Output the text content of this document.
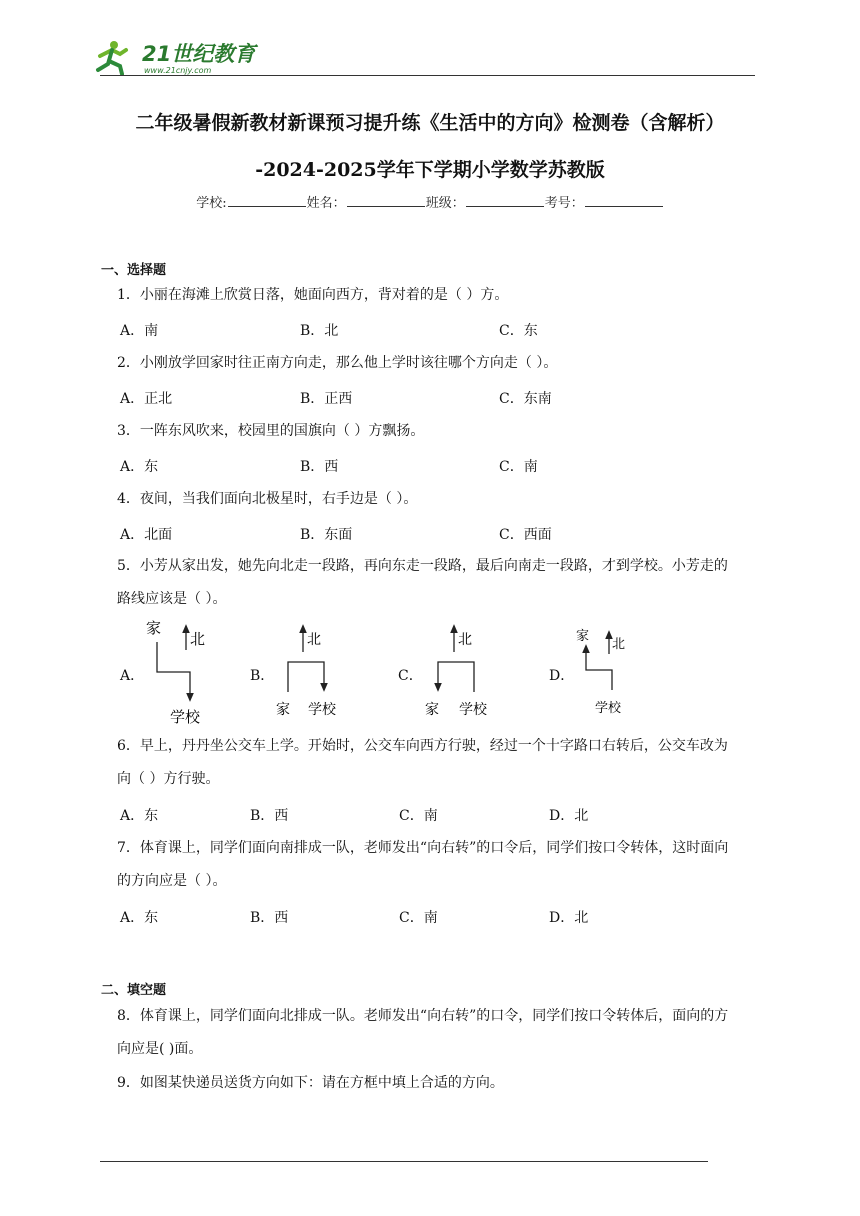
21世纪教育
www.21cnjy.com
二年级暑假新教材新课预习提升练《生活中的方向》检测卷（含解析）
-2024-2025学年下学期小学数学苏教版
学校:	姓名：	班级：	考号：
一、选择题
1．小丽在海滩上欣赏日落，她面向西方，背对着的是（ ）方。
A．南	B．北	C．东
2．小刚放学回家时往正南方向走，那么他上学时该往哪个方向走（ ）。
A．正北	B．正西	C．东南
3．一阵东风吹来，校园里的国旗向（ ）方飘扬。
A．东	B．西	C．南
4．夜间，当我们面向北极星时，右手边是（ ）。
A．北面	B．东面	C．西面
5．小芳从家出发，她先向北走一段路，再向东走一段路，最后向南走一段路，才到学校。小芳走的
路线应该是（ ）。
A．
家
北
学校
B．
北
家 学校
C．
北
家 学校
D．
家
北
学校
6．早上，丹丹坐公交车上学。开始时，公交车向西方行驶，经过一个十字路口右转后，公交车改为
向（ ）方行驶。
A．东	B．西	C．南	D．北
7．体育课上，同学们面向南排成一队，老师发出“向右转”的口令后，同学们按口令转体，这时面向
的方向应是（ ）。
A．东	B．西	C．南	D．北
二、填空题
8．体育课上，同学们面向北排成一队。老师发出“向右转”的口令，同学们按口令转体后，面向的方
向应是( )面。
9．如图某快递员送货方向如下：请在方框中填上合适的方向。
